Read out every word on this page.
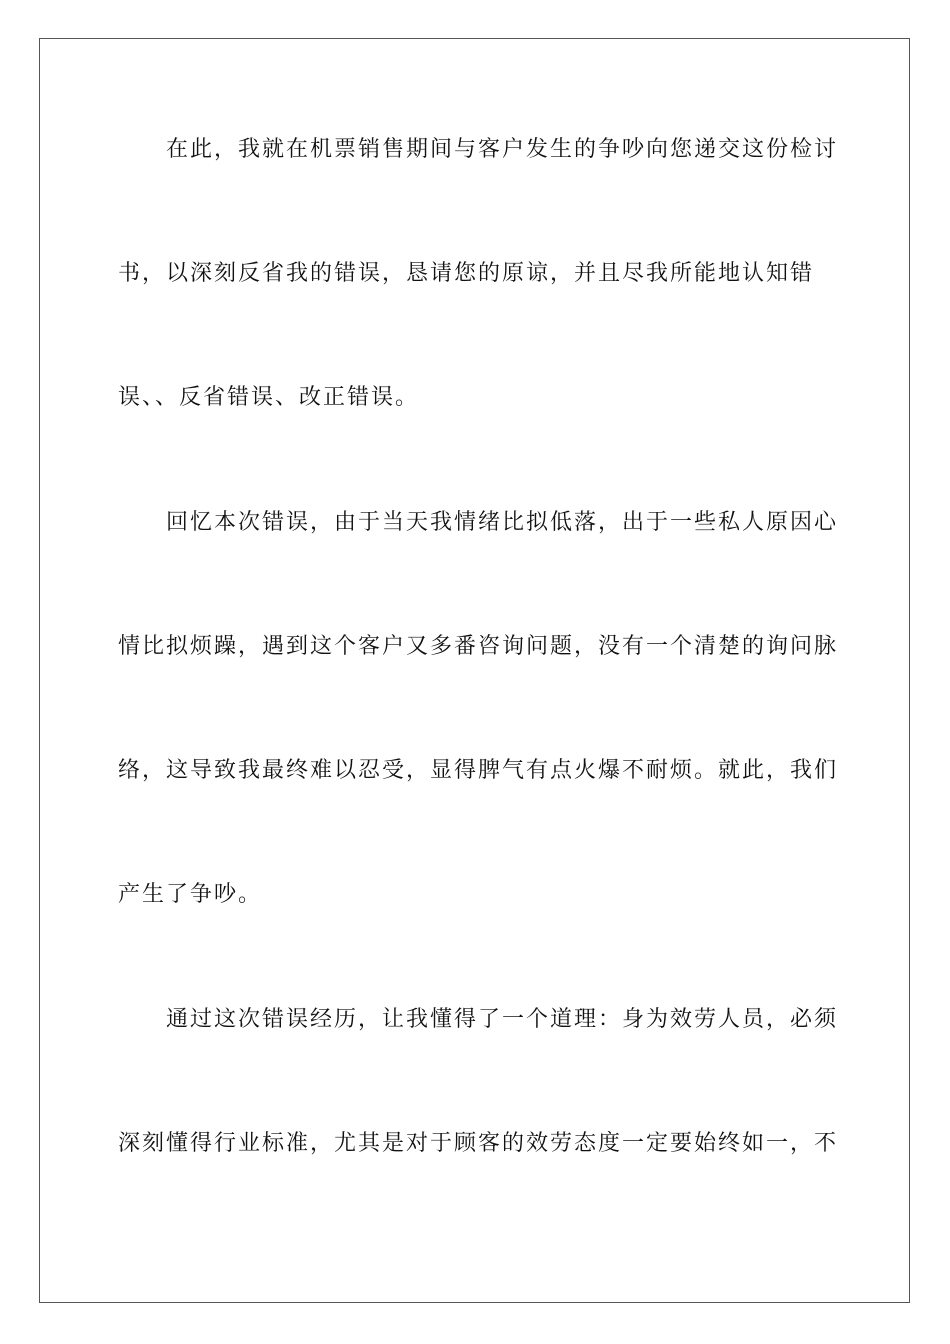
在此，我就在机票销售期间与客户发生的争吵向您递交这份检讨
书，以深刻反省我的错误，恳请您的原谅，并且尽我所能地认知错
误、、反省错误、改正错误。
回忆本次错误，由于当天我情绪比拟低落，出于一些私人原因心
情比拟烦躁，遇到这个客户又多番咨询问题，没有一个清楚的询问脉
络，这导致我最终难以忍受，显得脾气有点火爆不耐烦。就此，我们
产生了争吵。
通过这次错误经历，让我懂得了一个道理：身为效劳人员，必须
深刻懂得行业标准，尤其是对于顾客的效劳态度一定要始终如一，不
